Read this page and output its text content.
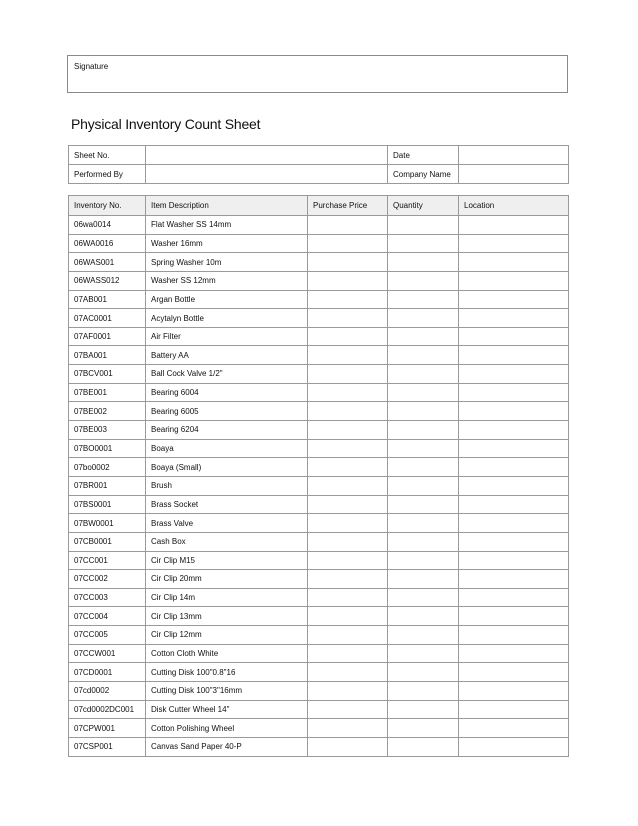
Signature
Physical Inventory Count Sheet
Sheet No.		Date	
Performed By		Company Name	
Inventory No.	Item Description	Purchase Price	Quantity	Location
06wa0014	Flat Washer SS 14mm			
06WA0016	Washer 16mm			
06WAS001	Spring Washer 10m			
06WASS012	Washer SS 12mm			
07AB001	Argan Bottle			
07AC0001	Acytalyn Bottle			
07AF0001	Air Filter			
07BA001	Battery AA			
07BCV001	Ball Cock Valve 1/2"			
07BE001	Bearing 6004			
07BE002	Bearing 6005			
07BE003	Bearing 6204			
07BO0001	Boaya			
07bo0002	Boaya (Small)			
07BR001	Brush			
07BS0001	Brass Socket			
07BW0001	Brass Valve			
07CB0001	Cash Box			
07CC001	Cir Clip M15			
07CC002	Cir Clip 20mm			
07CC003	Cir Clip 14m			
07CC004	Cir Clip 13mm			
07CC005	Cir Clip 12mm			
07CCW001	Cotton Cloth White			
07CD0001	Cutting Disk 100"0.8"16			
07cd0002	Cutting Disk 100"3"16mm			
07cd0002DC001	Disk Cutter Wheel 14"			
07CPW001	Cotton Polishing Wheel			
07CSP001	Canvas Sand Paper 40-P			
